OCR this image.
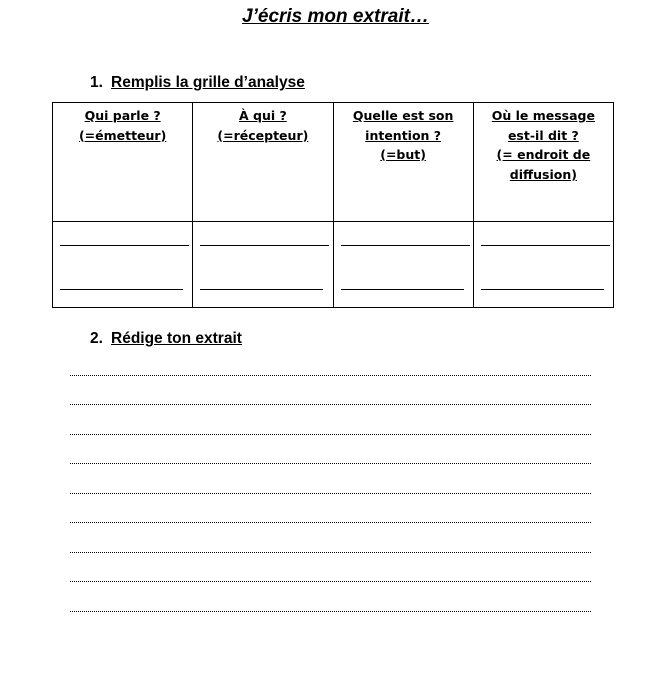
J’écris mon extrait…
1. Remplis la grille d’analyse
Qui parle ?
(=émetteur)	À qui ?
(=récepteur)	Quelle est son
intention ?
(=but)	Où le message
est-il dit ?
(= endroit de
diffusion)

2. Rédige ton extrait
